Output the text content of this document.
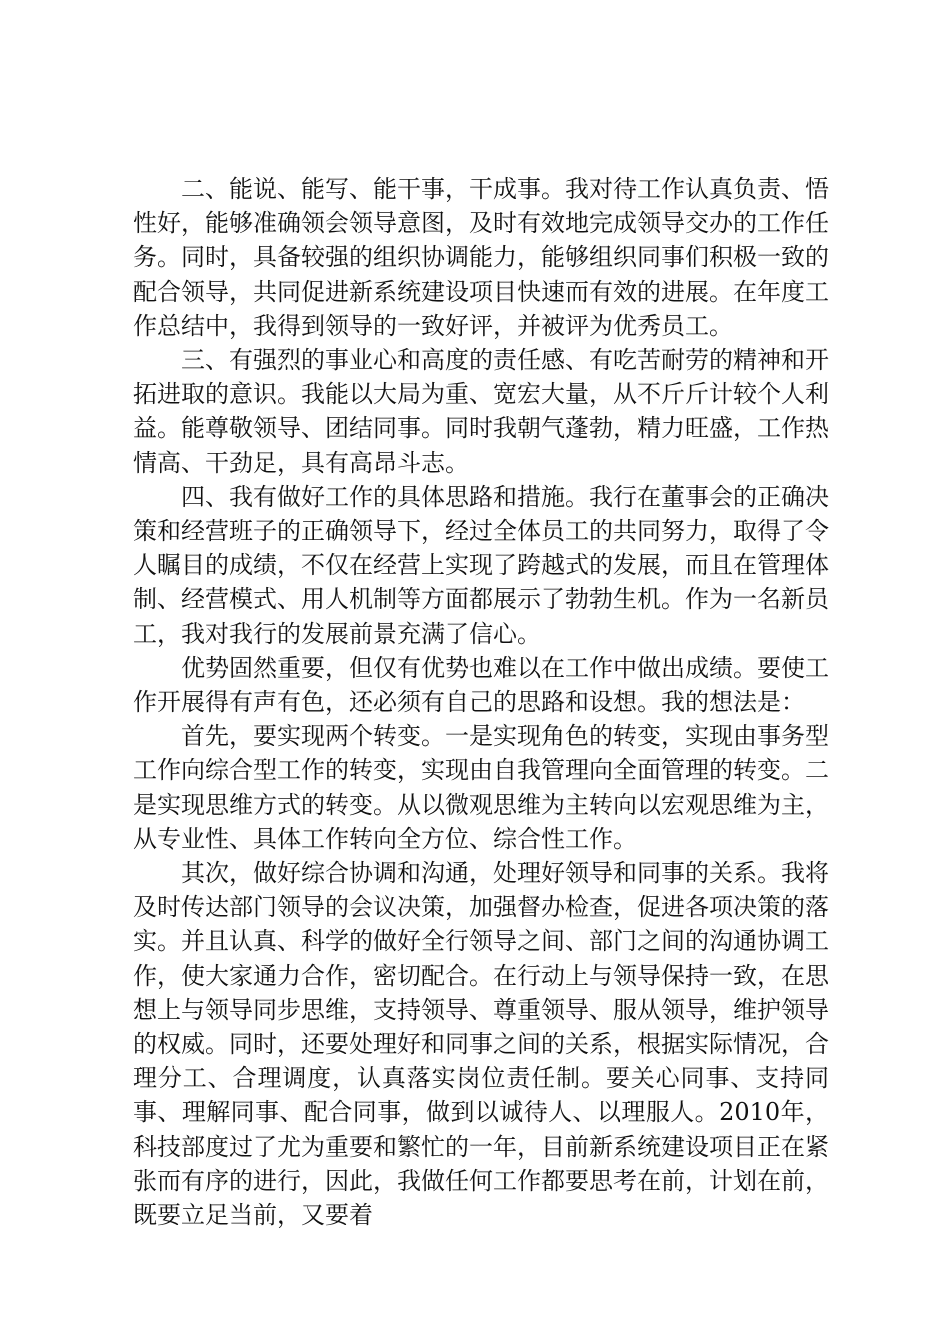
二、能说、能写、能干事，干成事。我对待工作认真负责、悟性好，能够准确领会领导意图，及时有效地完成领导交办的工作任务。同时，具备较强的组织协调能力，能够组织同事们积极一致的配合领导，共同促进新系统建设项目快速而有效的进展。在年度工作总结中，我得到领导的一致好评，并被评为优秀员工。

三、有强烈的事业心和高度的责任感、有吃苦耐劳的精神和开拓进取的意识。我能以大局为重、宽宏大量，从不斤斤计较个人利益。能尊敬领导、团结同事。同时我朝气蓬勃，精力旺盛，工作热情高、干劲足，具有高昂斗志。

四、我有做好工作的具体思路和措施。我行在董事会的正确决策和经营班子的正确领导下，经过全体员工的共同努力，取得了令人瞩目的成绩，不仅在经营上实现了跨越式的发展，而且在管理体制、经营模式、用人机制等方面都展示了勃勃生机。作为一名新员工，我对我行的发展前景充满了信心。

优势固然重要，但仅有优势也难以在工作中做出成绩。要使工作开展得有声有色，还必须有自己的思路和设想。我的想法是：

首先，要实现两个转变。一是实现角色的转变，实现由事务型工作向综合型工作的转变，实现由自我管理向全面管理的转变。二是实现思维方式的转变。从以微观思维为主转向以宏观思维为主，从专业性、具体工作转向全方位、综合性工作。

其次，做好综合协调和沟通，处理好领导和同事的关系。我将及时传达部门领导的会议决策，加强督办检查，促进各项决策的落实。并且认真、科学的做好全行领导之间、部门之间的沟通协调工作，使大家通力合作，密切配合。在行动上与领导保持一致，在思想上与领导同步思维，支持领导、尊重领导、服从领导，维护领导的权威。同时，还要处理好和同事之间的关系，根据实际情况，合理分工、合理调度，认真落实岗位责任制。要关心同事、支持同事、理解同事、配合同事，做到以诚待人、以理服人。2010年，科技部度过了尤为重要和繁忙的一年，目前新系统建设项目正在紧张而有序的进行，因此，我做任何工作都要思考在前，计划在前，既要立足当前，又要着
